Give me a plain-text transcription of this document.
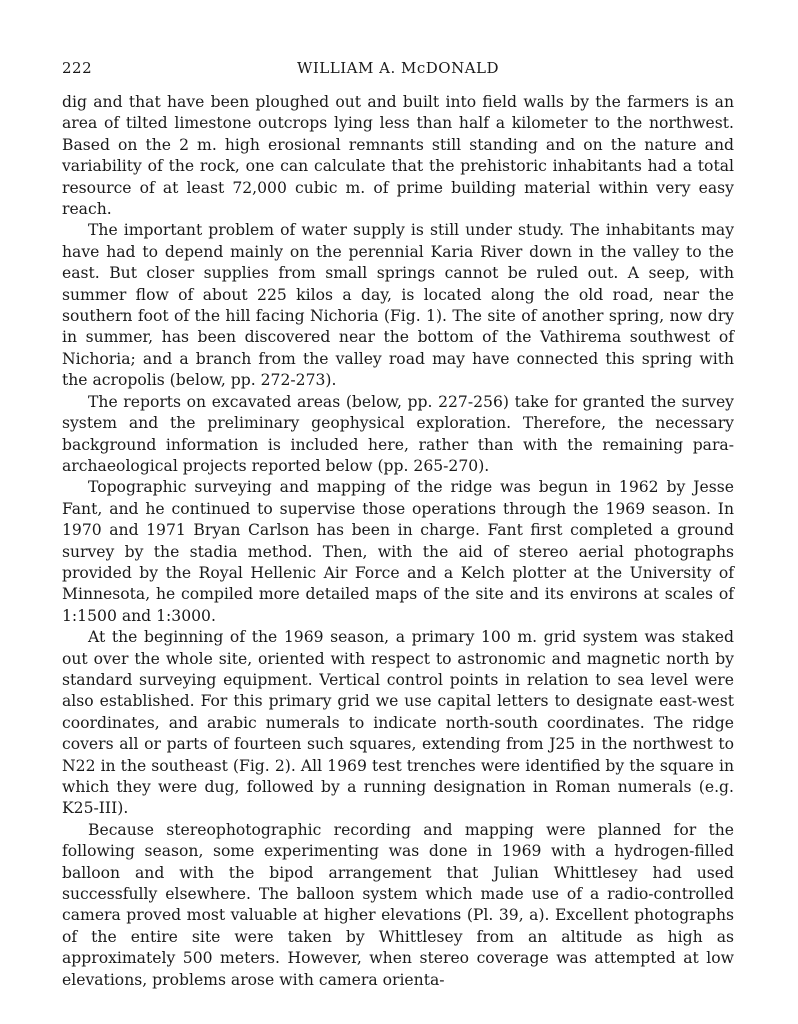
222	WILLIAM A. McDONALD

dig and that have been ploughed out and built into field walls by the farmers is an area of tilted limestone outcrops lying less than half a kilometer to the northwest. Based on the 2 m. high erosional remnants still standing and on the nature and variability of the rock, one can calculate that the prehistoric inhabitants had a total resource of at least 72,000 cubic m. of prime building material within very easy reach.

The important problem of water supply is still under study. The inhabitants may have had to depend mainly on the perennial Karia River down in the valley to the east. But closer supplies from small springs cannot be ruled out. A seep, with summer flow of about 225 kilos a day, is located along the old road, near the southern foot of the hill facing Nichoria (Fig. 1). The site of another spring, now dry in summer, has been discovered near the bottom of the Vathirema southwest of Nichoria; and a branch from the valley road may have connected this spring with the acropolis (below, pp. 272-273).

The reports on excavated areas (below, pp. 227-256) take for granted the survey system and the preliminary geophysical exploration. Therefore, the necessary background information is included here, rather than with the remaining para-archaeological projects reported below (pp. 265-270).

Topographic surveying and mapping of the ridge was begun in 1962 by Jesse Fant, and he continued to supervise those operations through the 1969 season. In 1970 and 1971 Bryan Carlson has been in charge. Fant first completed a ground survey by the stadia method. Then, with the aid of stereo aerial photographs provided by the Royal Hellenic Air Force and a Kelch plotter at the University of Minnesota, he compiled more detailed maps of the site and its environs at scales of 1:1500 and 1:3000.

At the beginning of the 1969 season, a primary 100 m. grid system was staked out over the whole site, oriented with respect to astronomic and magnetic north by standard surveying equipment. Vertical control points in relation to sea level were also established. For this primary grid we use capital letters to designate east-west coordinates, and arabic numerals to indicate north-south coordinates. The ridge covers all or parts of fourteen such squares, extending from J25 in the northwest to N22 in the southeast (Fig. 2). All 1969 test trenches were identified by the square in which they were dug, followed by a running designation in Roman numerals (e.g. K25-III).

Because stereophotographic recording and mapping were planned for the following season, some experimenting was done in 1969 with a hydrogen-filled balloon and with the bipod arrangement that Julian Whittlesey had used successfully elsewhere. The balloon system which made use of a radio-controlled camera proved most valuable at higher elevations (Pl. 39, a). Excellent photographs of the entire site were taken by Whittlesey from an altitude as high as approximately 500 meters. However, when stereo coverage was attempted at low elevations, problems arose with camera orienta-
